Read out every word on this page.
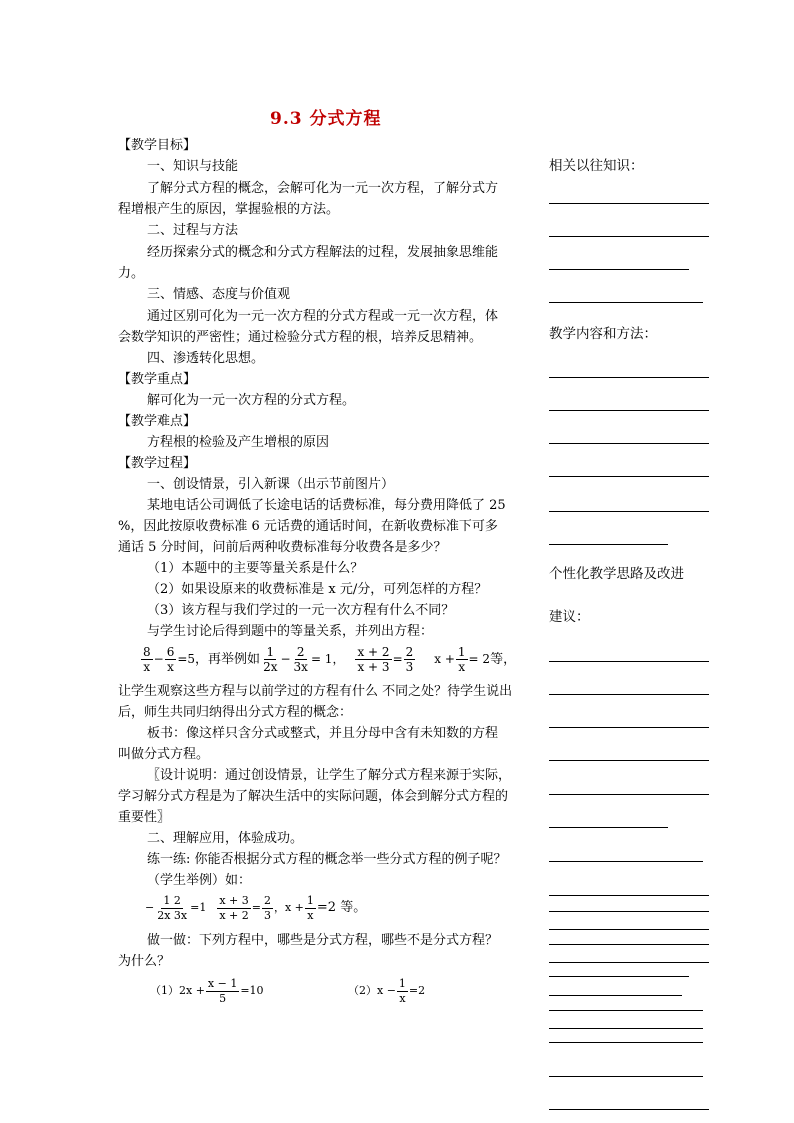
9.3 分式方程
【教学目标】
一、知识与技能
了解分式方程的概念，会解可化为一元一次方程，了解分式方
程增根产生的原因，掌握验根的方法。
二、过程与方法
经历探索分式的概念和分式方程解法的过程，发展抽象思维能
力。
三、情感、态度与价值观
通过区别可化为一元一次方程的分式方程或一元一次方程，体
会数学知识的严密性；通过检验分式方程的根，培养反思精神。
四、渗透转化思想。
【教学重点】
解可化为一元一次方程的分式方程。
【教学难点】
方程根的检验及产生增根的原因
【教学过程】
一、创设情景，引入新课（出示节前图片）
某地电话公司调低了长途电话的话费标准，每分费用降低了 25
%，因此按原收费标准 6 元话费的通话时间，在新收费标准下可多
通话 5 分时间，问前后两种收费标准每分收费各是多少？
（1）本题中的主要等量关系是什么？
（2）如果设原来的收费标准是 x 元/分，可列怎样的方程？
（3）该方程与我们学过的一元一次方程有什么不同？
与学生讨论后得到题中的等量关系，并列出方程：
$\frac{8}{x} - \frac{6}{x} =5$，再举例如 $\frac{1}{2x} - \frac{2}{3x} = 1$， $\frac{x + 2}{x + 3} = \frac{2}{3}$ $x + \frac{1}{x} = 2$等，
让学生观察这些方程与以前学过的方程有什么 不同之处？待学生说出
后，师生共同归纳得出分式方程的概念：
板书：像这样只含分式或整式，并且分母中含有未知数的方程
叫做分式方程。
〖设计说明：通过创设情景，让学生了解分式方程来源于实际，
学习解分式方程是为了解决生活中的实际问题，体会到解分式方程的
重要性〗
二、理解应用，体验成功。
练一练: 你能否根据分式方程的概念举一些分式方程的例子呢？
（学生举例）如：
− $\frac{1 2}{2x 3x} =1 \frac{x + 3}{x + 2} = \frac{2}{3}$ ，$x + \frac{1}{x} =2$ 等。
做一做：下列方程中，哪些是分式方程，哪些不是分式方程？
为什么？
$(1)2x + \frac{x - 1}{5} =10$	$(2)x - \frac{1}{x} =2$
相关以往知识：
教学内容和方法：
个性化教学思路及改进
建议：
